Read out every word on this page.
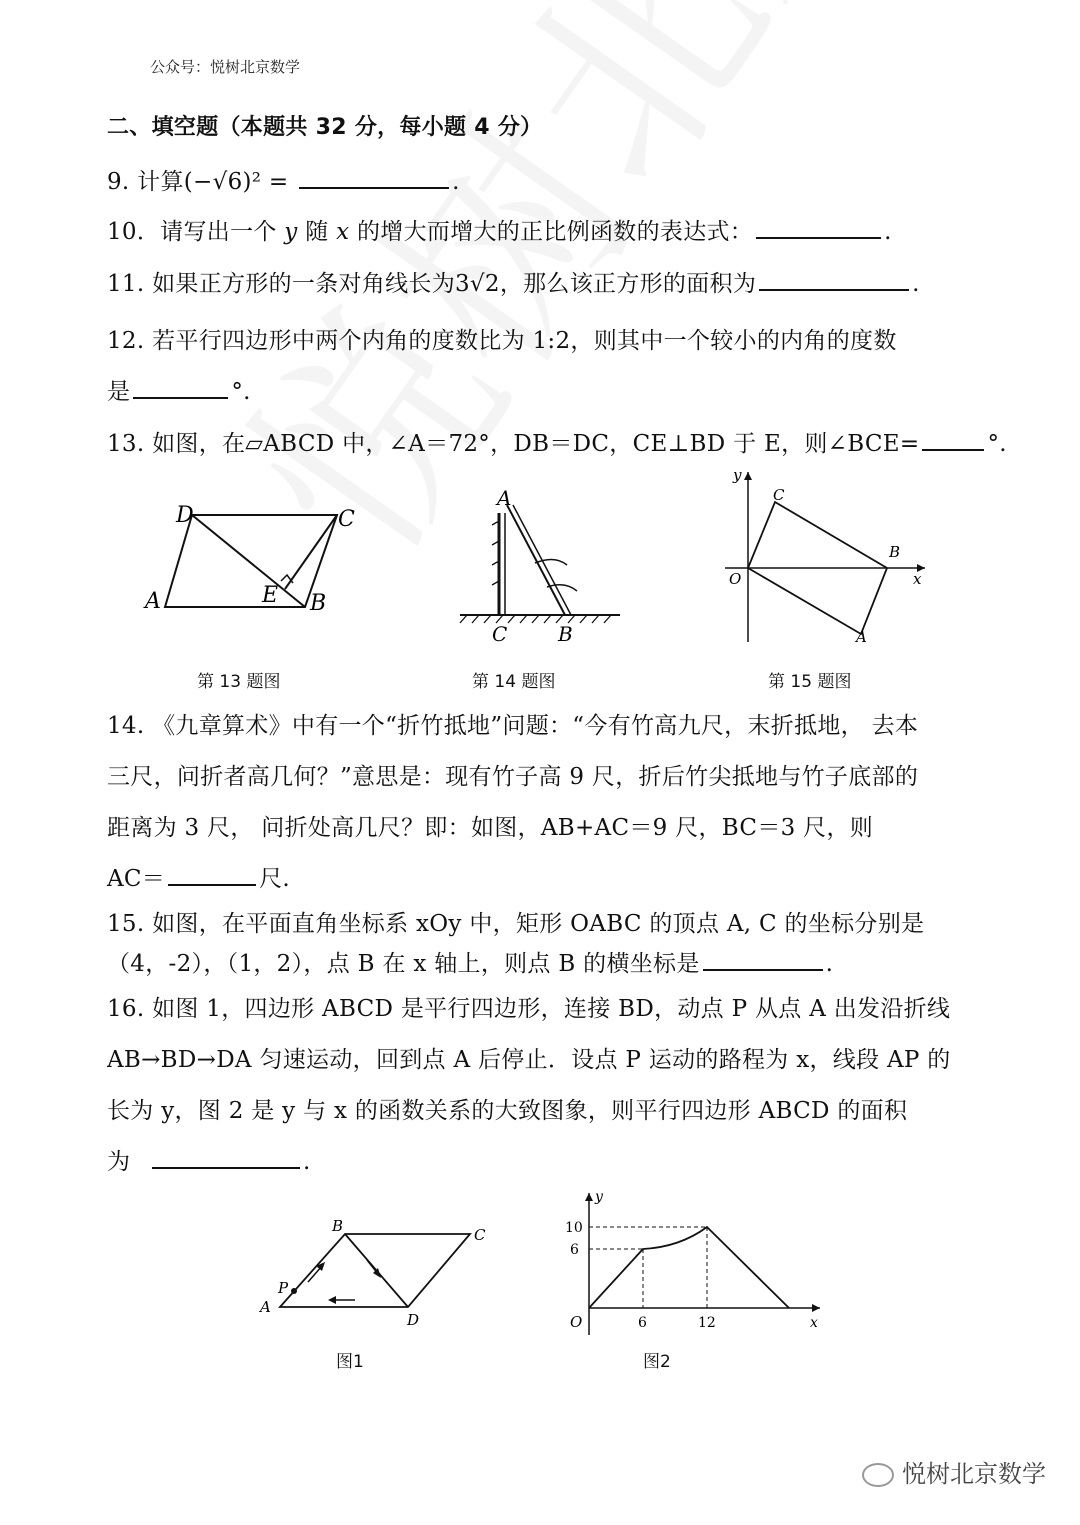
公众号：悦树北京数学
二、填空题（本题共 32 分，每小题 4 分）
9. 计算(−√6)² =	.
10．请写出一个 y 随 x 的增大而增大的正比例函数的表达式：	.
11. 如果正方形的一条对角线长为3√2，那么该正方形的面积为	.
12. 若平行四边形中两个内角的度数比为 1:2，则其中一个较小的内角的度数
是	°.
13. 如图，在▱ABCD 中，∠A＝72°，DB＝DC，CE⊥BD 于 E，则∠BCE=	°.
D	C
A	E B
第 13 题图
A
C	B
第 14 题图
y
C
B
O	x
A
第 15 题图
14. 《九章算术》中有一个“折竹抵地”问题：“今有竹高九尺，末折抵地， 去本
三尺，问折者高几何？”意思是：现有竹子高 9 尺，折后竹尖抵地与竹子底部的
距离为 3 尺， 问折处高几尺？即：如图，AB+AC＝9 尺，BC＝3 尺，则
AC＝	尺.
15. 如图，在平面直角坐标系 xOy 中，矩形 OABC 的顶点 A, C 的坐标分别是
（4，-2），（1，2），点 B 在 x 轴上，则点 B 的横坐标是	.
16. 如图 1，四边形 ABCD 是平行四边形，连接 BD，动点 P 从点 A 出发沿折线
AB→BD→DA 匀速运动，回到点 A 后停止．设点 P 运动的路程为 x，线段 AP 的
长为 y，图 2 是 y 与 x 的函数关系的大致图象，则平行四边形 ABCD 的面积
为	.
B	C
P
A
D
图1
y
10
6
O	6	12	x
图2
悦树北京数学
